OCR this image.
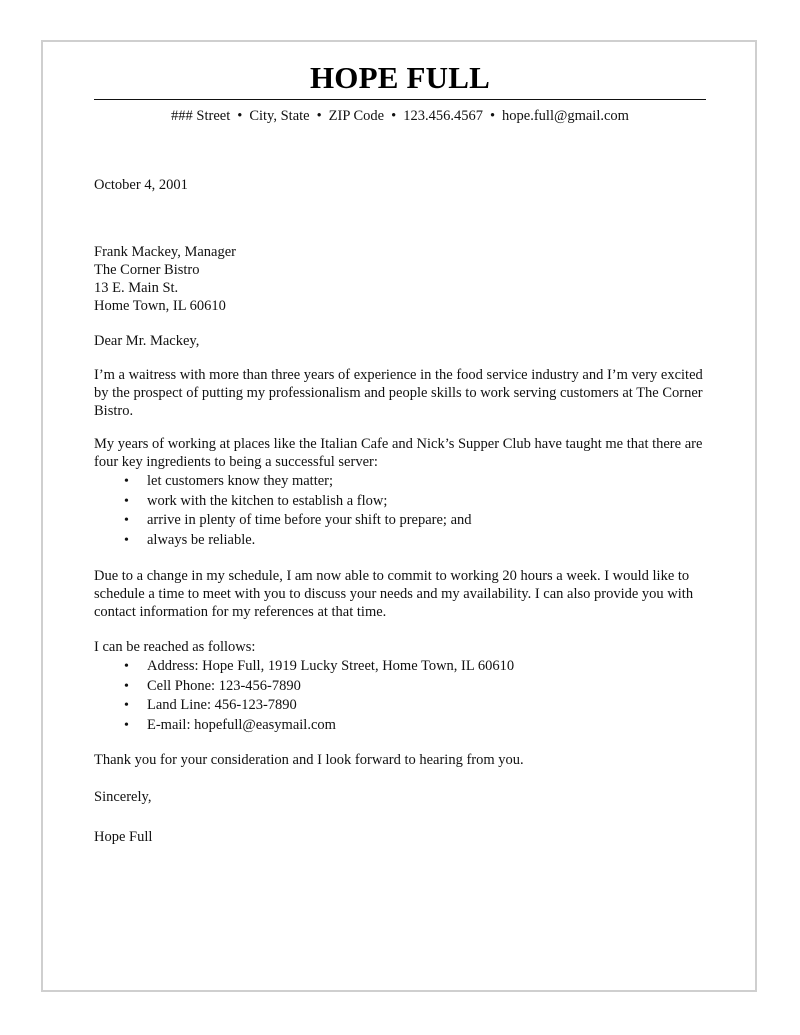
HOPE FULL
### Street • City, State • ZIP Code • 123.456.4567 • hope.full@gmail.com
October 4, 2001
Frank Mackey, Manager
The Corner Bistro
13 E. Main St.
Home Town, IL 60610
Dear Mr. Mackey,

I’m a waitress with more than three years of experience in the food service industry and I’m very excited by the prospect of putting my professionalism and people skills to work serving customers at The Corner Bistro.

My years of working at places like the Italian Cafe and Nick’s Supper Club have taught me that there are four key ingredients to being a successful server:

• let customers know they matter;
• work with the kitchen to establish a flow;
• arrive in plenty of time before your shift to prepare; and
• always be reliable.

Due to a change in my schedule, I am now able to commit to working 20 hours a week. I would like to schedule a time to meet with you to discuss your needs and my availability. I can also provide you with contact information for my references at that time.

I can be reached as follows:

• Address: Hope Full, 1919 Lucky Street, Home Town, IL 60610
• Cell Phone: 123-456-7890
• Land Line: 456-123-7890
• E-mail: hopefull@easymail.com

Thank you for your consideration and I look forward to hearing from you.

Sincerely,
Hope Full
